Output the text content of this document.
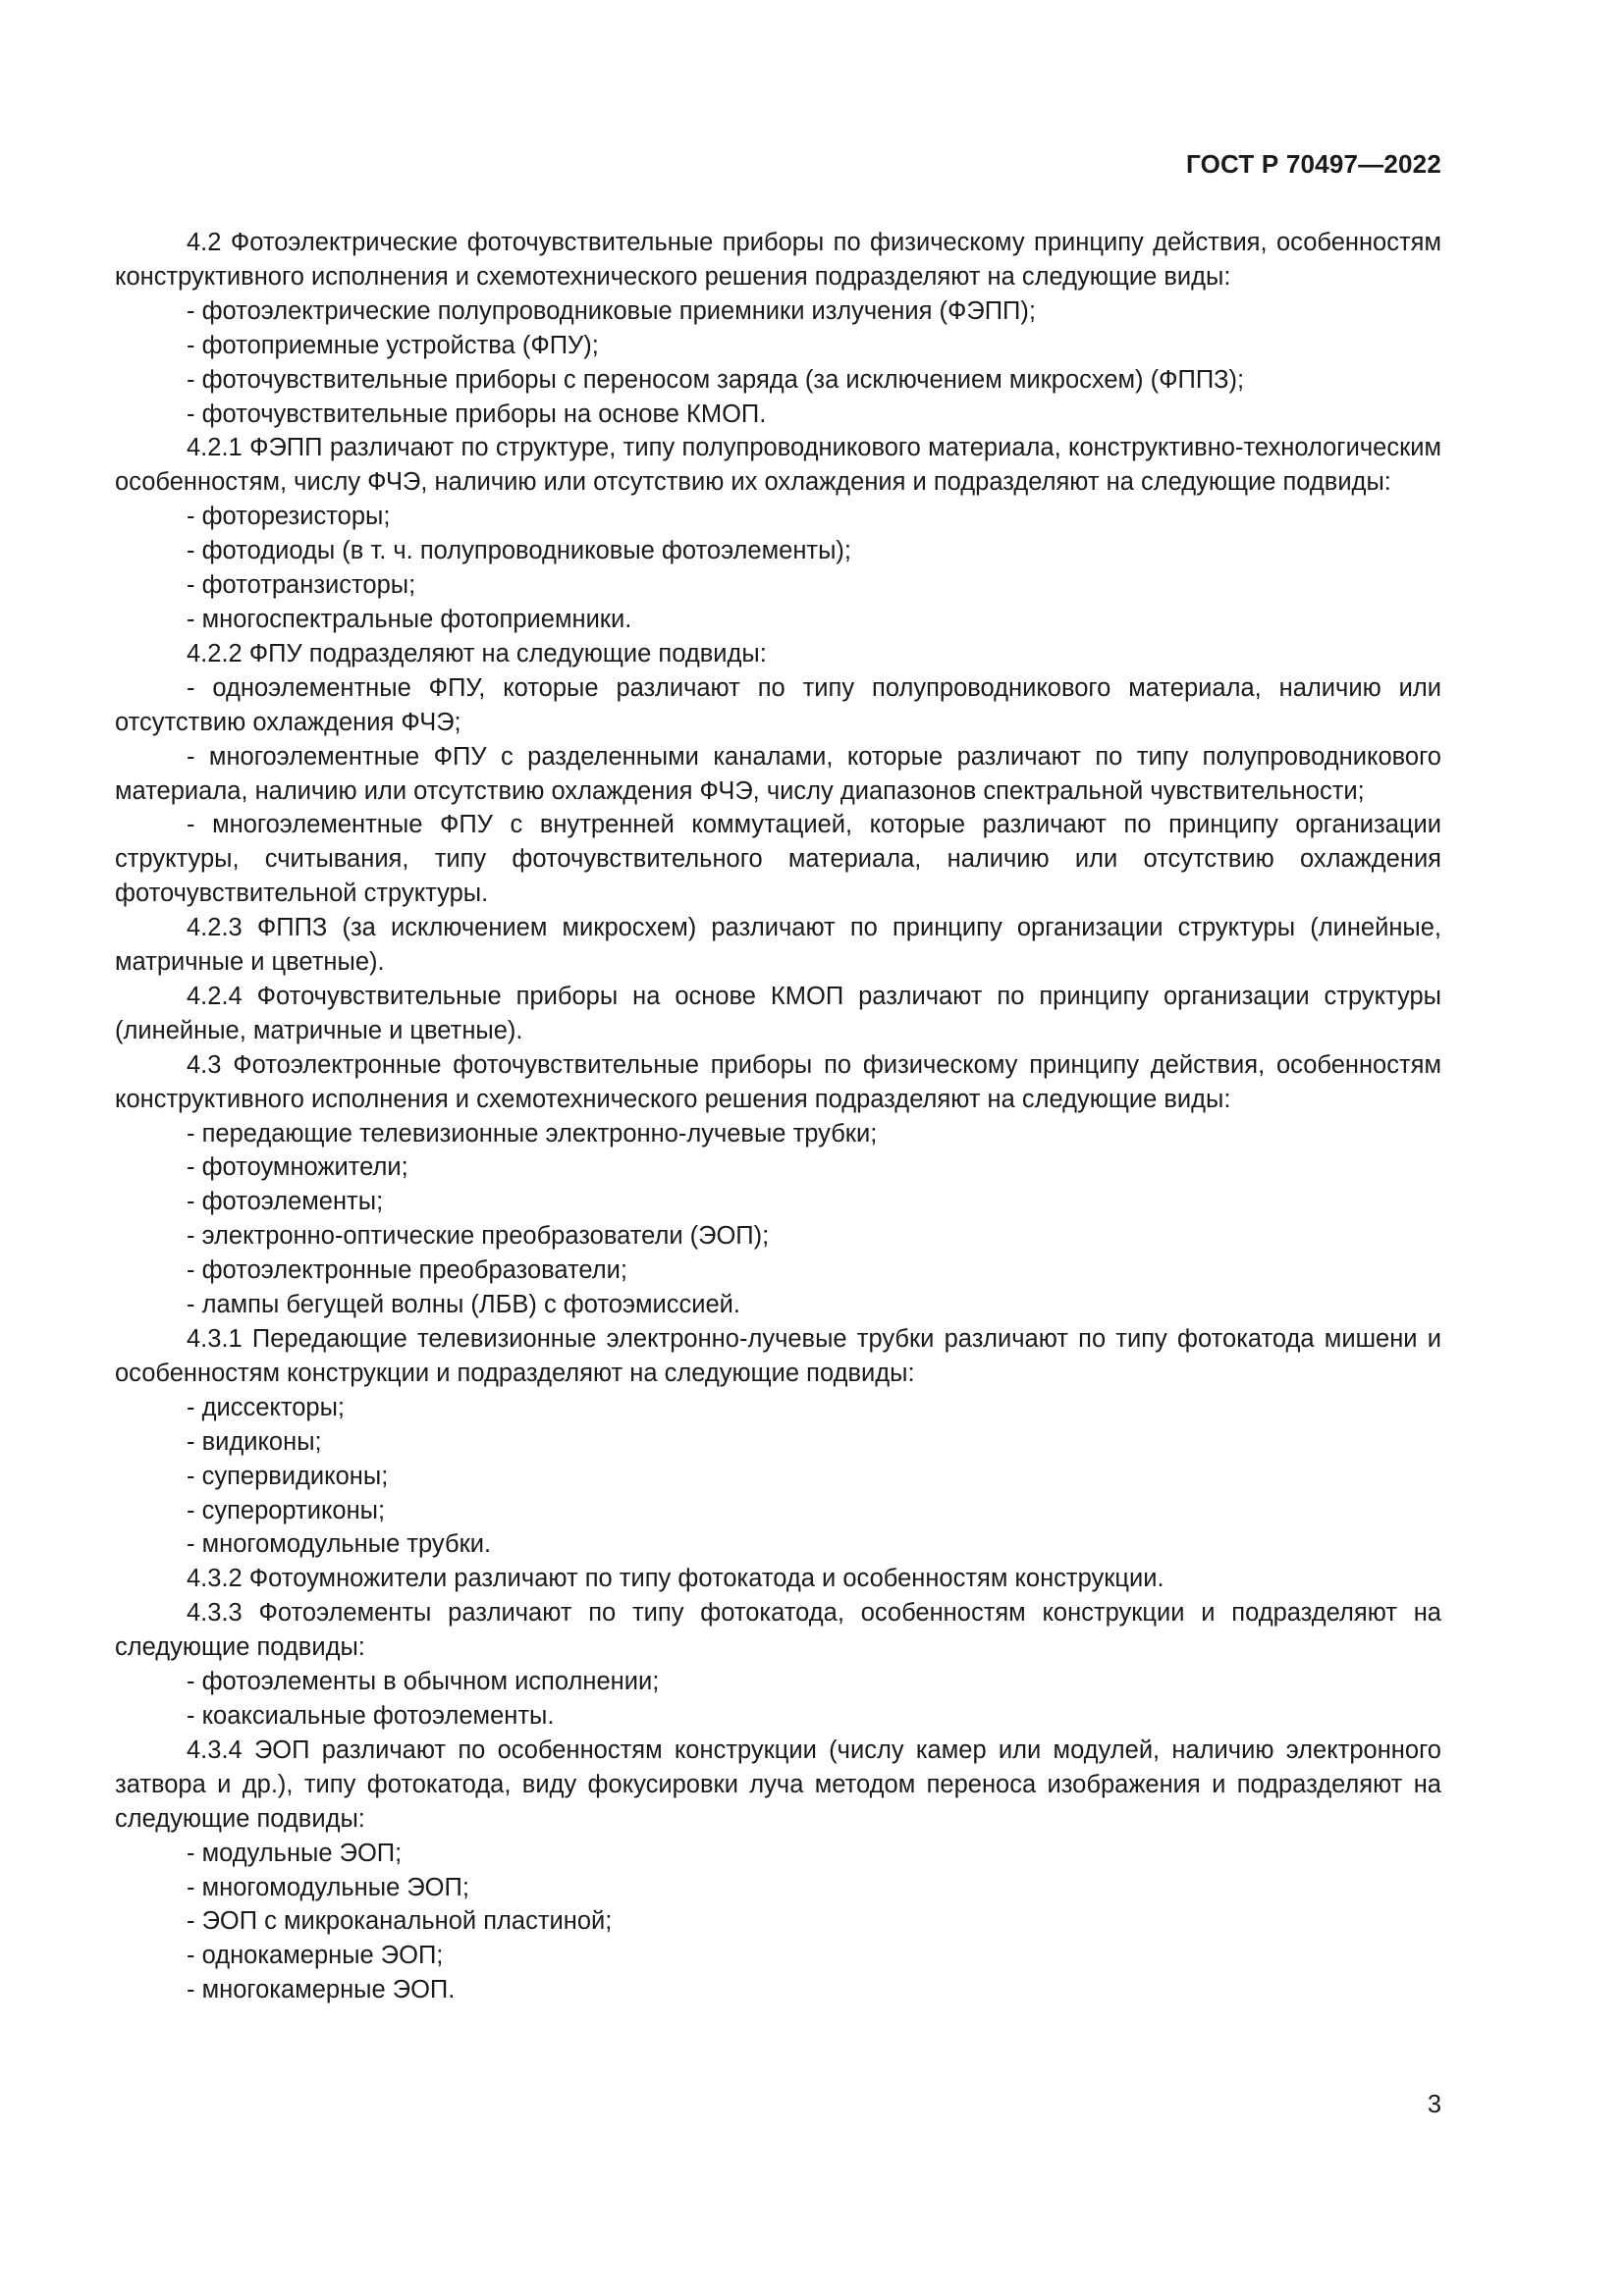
ГОСТ Р 70497—2022

4.2 Фотоэлектрические фоточувствительные приборы по физическому принципу действия, особенностям конструктивного исполнения и схемотехнического решения подразделяют на следующие виды:

- фотоэлектрические полупроводниковые приемники излучения (ФЭПП);

- фотоприемные устройства (ФПУ);

- фоточувствительные приборы с переносом заряда (за исключением микросхем) (ФППЗ);

- фоточувствительные приборы на основе КМОП.

4.2.1 ФЭПП различают по структуре, типу полупроводникового материала, конструктивно-технологическим особенностям, числу ФЧЭ, наличию или отсутствию их охлаждения и подразделяют на следующие подвиды:

- фоторезисторы;

- фотодиоды (в т. ч. полупроводниковые фотоэлементы);

- фототранзисторы;

- многоспектральные фотоприемники.

4.2.2 ФПУ подразделяют на следующие подвиды:

- одноэлементные ФПУ, которые различают по типу полупроводникового материала, наличию или отсутствию охлаждения ФЧЭ;

- многоэлементные ФПУ с разделенными каналами, которые различают по типу полупроводникового материала, наличию или отсутствию охлаждения ФЧЭ, числу диапазонов спектральной чувствительности;

- многоэлементные ФПУ с внутренней коммутацией, которые различают по принципу организации структуры, считывания, типу фоточувствительного материала, наличию или отсутствию охлаждения фоточувствительной структуры.

4.2.3 ФППЗ (за исключением микросхем) различают по принципу организации структуры (линейные, матричные и цветные).

4.2.4 Фоточувствительные приборы на основе КМОП различают по принципу организации структуры (линейные, матричные и цветные).

4.3 Фотоэлектронные фоточувствительные приборы по физическому принципу действия, особенностям конструктивного исполнения и схемотехнического решения подразделяют на следующие виды:

- передающие телевизионные электронно-лучевые трубки;

- фотоумножители;

- фотоэлементы;

- электронно-оптические преобразователи (ЭОП);

- фотоэлектронные преобразователи;

- лампы бегущей волны (ЛБВ) с фотоэмиссией.

4.3.1 Передающие телевизионные электронно-лучевые трубки различают по типу фотокатода мишени и особенностям конструкции и подразделяют на следующие подвиды:

- диссекторы;

- видиконы;

- супервидиконы;

- суперортиконы;

- многомодульные трубки.

4.3.2 Фотоумножители различают по типу фотокатода и особенностям конструкции.

4.3.3 Фотоэлементы различают по типу фотокатода, особенностям конструкции и подразделяют на следующие подвиды:

- фотоэлементы в обычном исполнении;

- коаксиальные фотоэлементы.

4.3.4 ЭОП различают по особенностям конструкции (числу камер или модулей, наличию электронного затвора и др.), типу фотокатода, виду фокусировки луча методом переноса изображения и подразделяют на следующие подвиды:

- модульные ЭОП;

- многомодульные ЭОП;

- ЭОП с микроканальной пластиной;

- однокамерные ЭОП;

- многокамерные ЭОП.

3
